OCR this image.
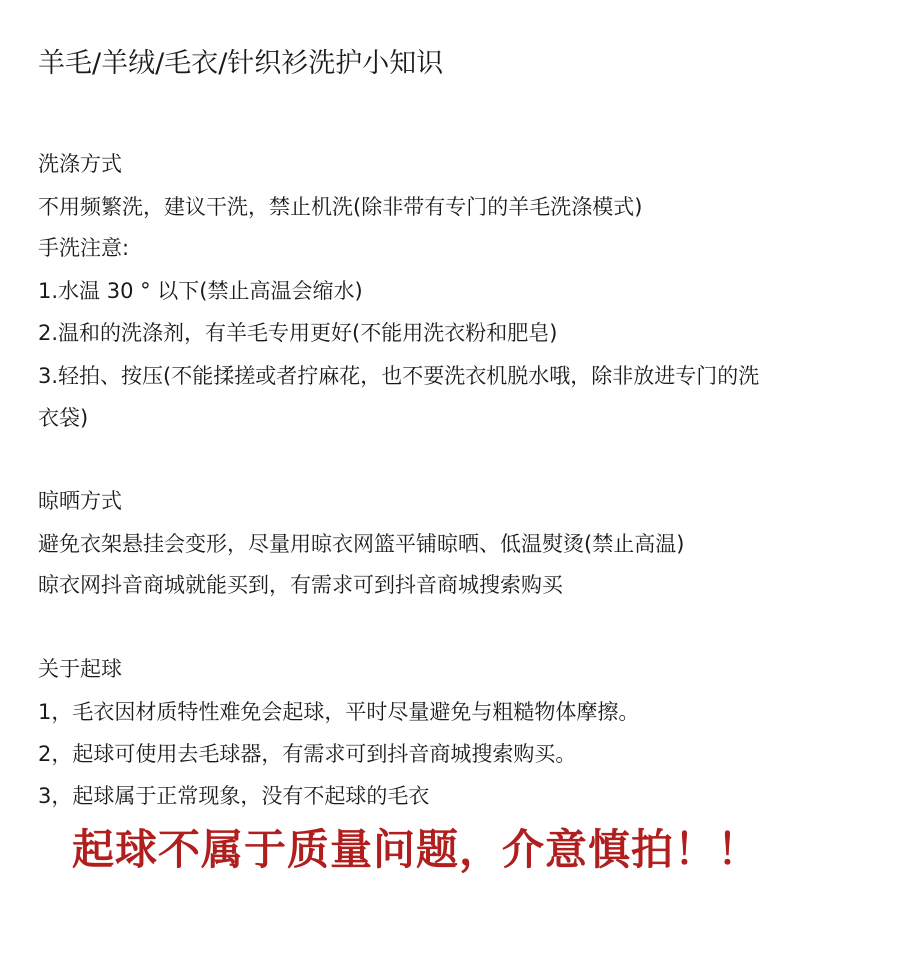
羊毛/羊绒/毛衣/针织衫洗护小知识
洗涤方式
不用频繁洗，建议干洗，禁止机洗(除非带有专门的羊毛洗涤模式)
手洗注意:
1.水温 30 ° 以下(禁止高温会缩水)
2.温和的洗涤剂，有羊毛专用更好(不能用洗衣粉和肥皂)
3.轻拍、按压(不能揉搓或者拧麻花，也不要洗衣机脱水哦，除非放进专门的洗
衣袋)
晾晒方式
避免衣架悬挂会变形，尽量用晾衣网篮平铺晾晒、低温熨烫(禁止高温)
晾衣网抖音商城就能买到，有需求可到抖音商城搜索购买
关于起球
1，毛衣因材质特性难免会起球，平时尽量避免与粗糙物体摩擦。
2，起球可使用去毛球器，有需求可到抖音商城搜索购买。
3，起球属于正常现象，没有不起球的毛衣
起球不属于质量问题，介意慎拍！！
